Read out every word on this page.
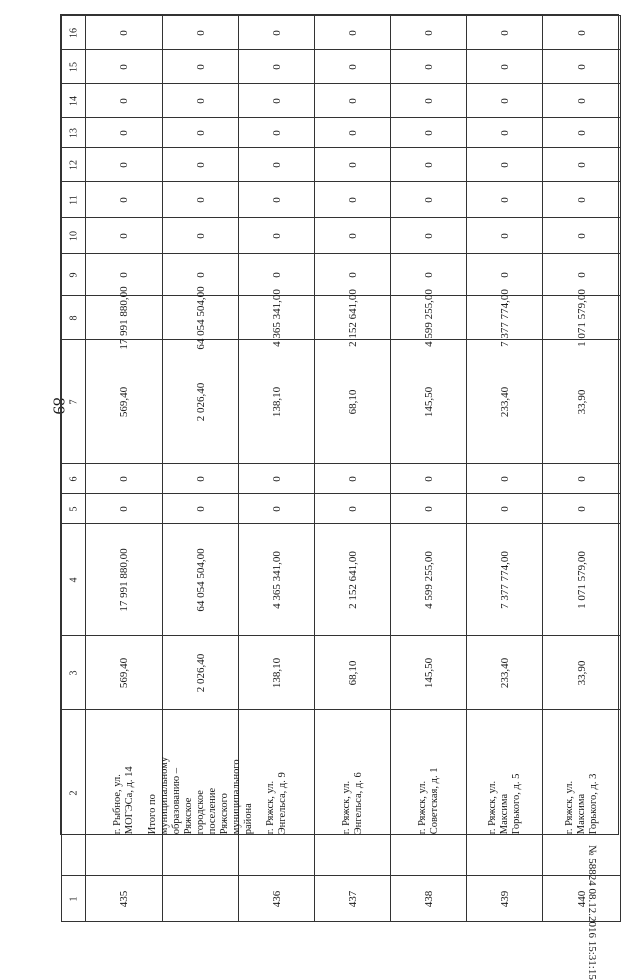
89
16	0	0	0	0	0	0	0

15	0	0	0	0	0	0	0

14	0	0	0	0	0	0	0

13	0	0	0	0	0	0	0

12	0	0	0	0	0	0	0

11	0	0	0	0	0	0	0

10	0	0	0	0	0	0	0

9	0	0	0	0	0	0	0

8	17 991 880,00	64 054 504,00	4 365 341,00	2 152 641,00	4 599 255,00	7 377 774,00	1 071 579,00

7	569,40	2 026,40	138,10	68,10	145,50	233,40	33,90

6	0	0	0	0	0	0	0

5	0	0	0	0	0	0	0

4	17 991 880,00	64 054 504,00	4 365 341,00	2 152 641,00	4 599 255,00	7 377 774,00	1 071 579,00

3	569,40	2 026,40	138,10	68,10	145,50	233,40	33,90

2	г. Рыбное, ул. МОГЭСа, д. 14	Итого по муниципальному образованию – Ряжское городское поселение Ряжского муниципального района	г. Ряжск, ул. Энгельса, д. 9	г. Ряжск, ул. Энгельса, д. 6	г. Ряжск, ул. Советская, д. 1	г. Ряжск, ул. Максима Горького, д. 5	г. Ряжск, ул. Максима Горького, д. 3

1	435		436	437	438	439	440
№ 58824 08.12.2016 15:31:15
